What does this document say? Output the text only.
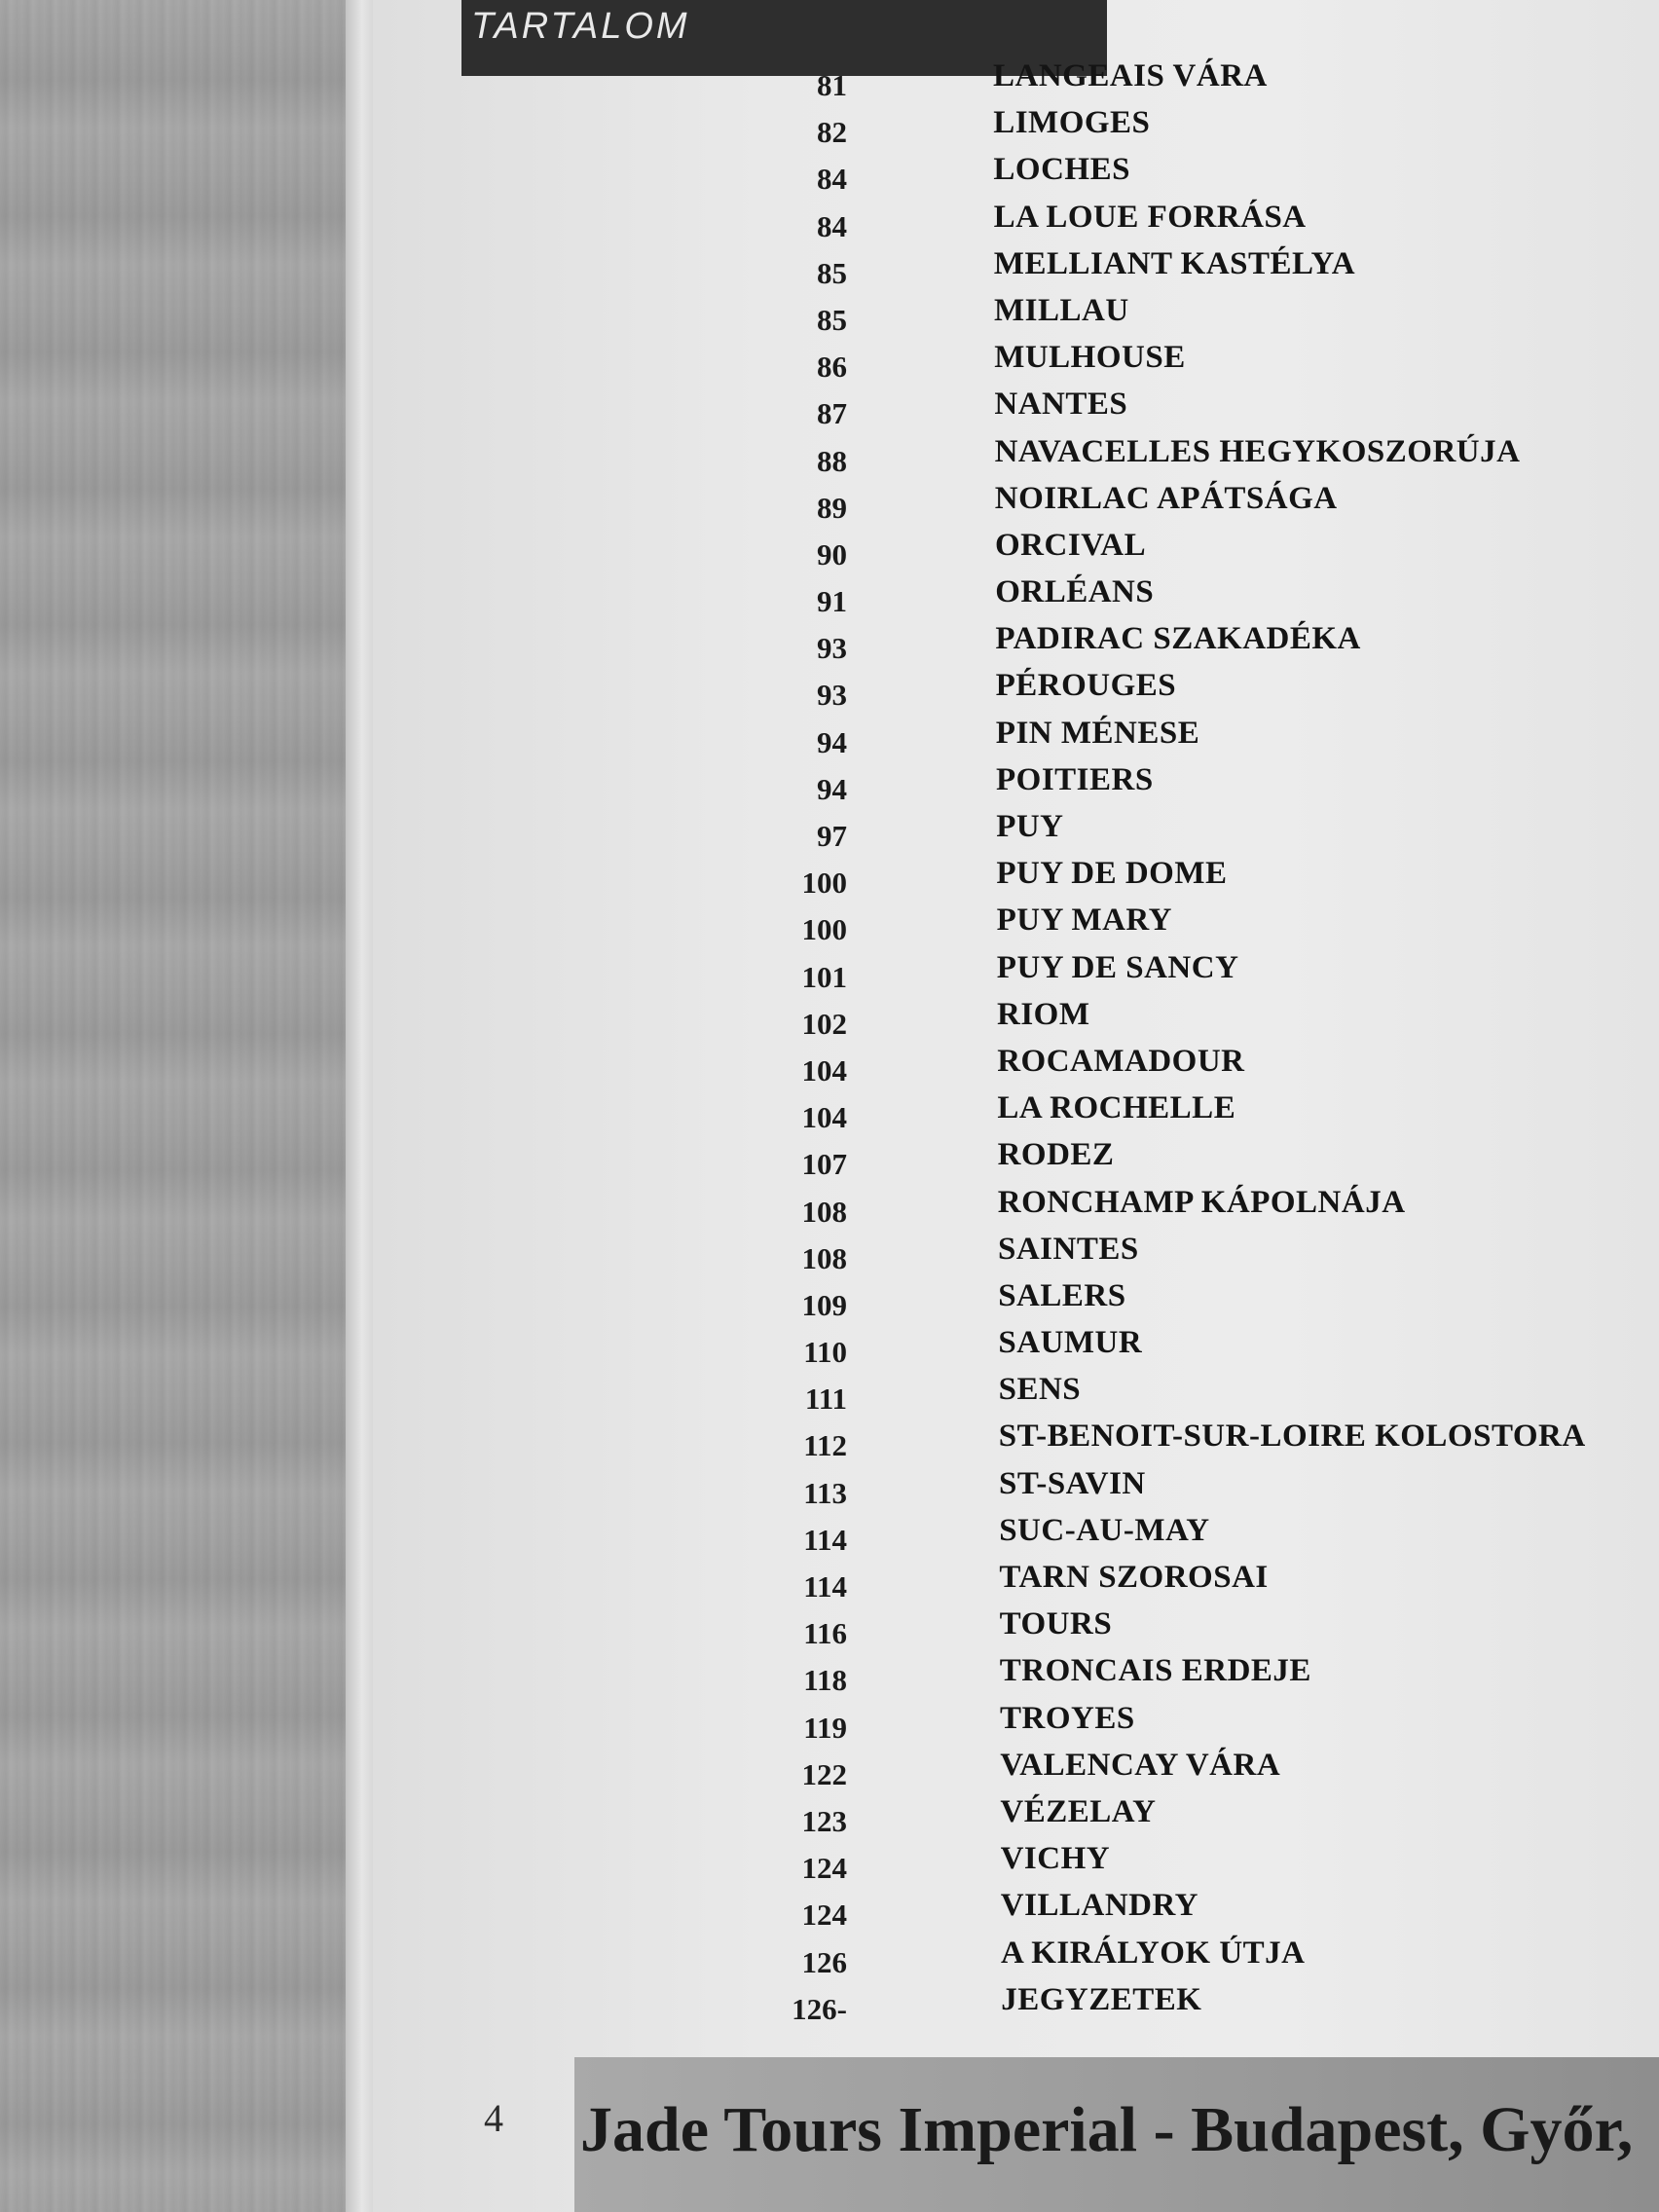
TARTALOM
81	LANGEAIS VÁRA
82	LIMOGES
84	LOCHES
84	LA LOUE FORRÁSA
85	MELLIANT KASTÉLYA
85	MILLAU
86	MULHOUSE
87	NANTES
88	NAVACELLES HEGYKOSZORÚJA
89	NOIRLAC APÁTSÁGA
90	ORCIVAL
91	ORLÉANS
93	PADIRAC SZAKADÉKA
93	PÉROUGES
94	PIN MÉNESE
94	POITIERS
97	PUY
100	PUY DE DOME
100	PUY MARY
101	PUY DE SANCY
102	RIOM
104	ROCAMADOUR
104	LA ROCHELLE
107	RODEZ
108	RONCHAMP KÁPOLNÁJA
108	SAINTES
109	SALERS
110	SAUMUR
111	SENS
112	ST-BENOIT-SUR-LOIRE KOLOSTORA
113	ST-SAVIN
114	SUC-AU-MAY
114	TARN SZOROSAI
116	TOURS
118	TRONCAIS ERDEJE
119	TROYES
122	VALENCAY VÁRA
123	VÉZELAY
124	VICHY
124	VILLANDRY
126	A KIRÁLYOK ÚTJA
126-	JEGYZETEK
4 Jade Tours Imperial - Budapest, Győr,
